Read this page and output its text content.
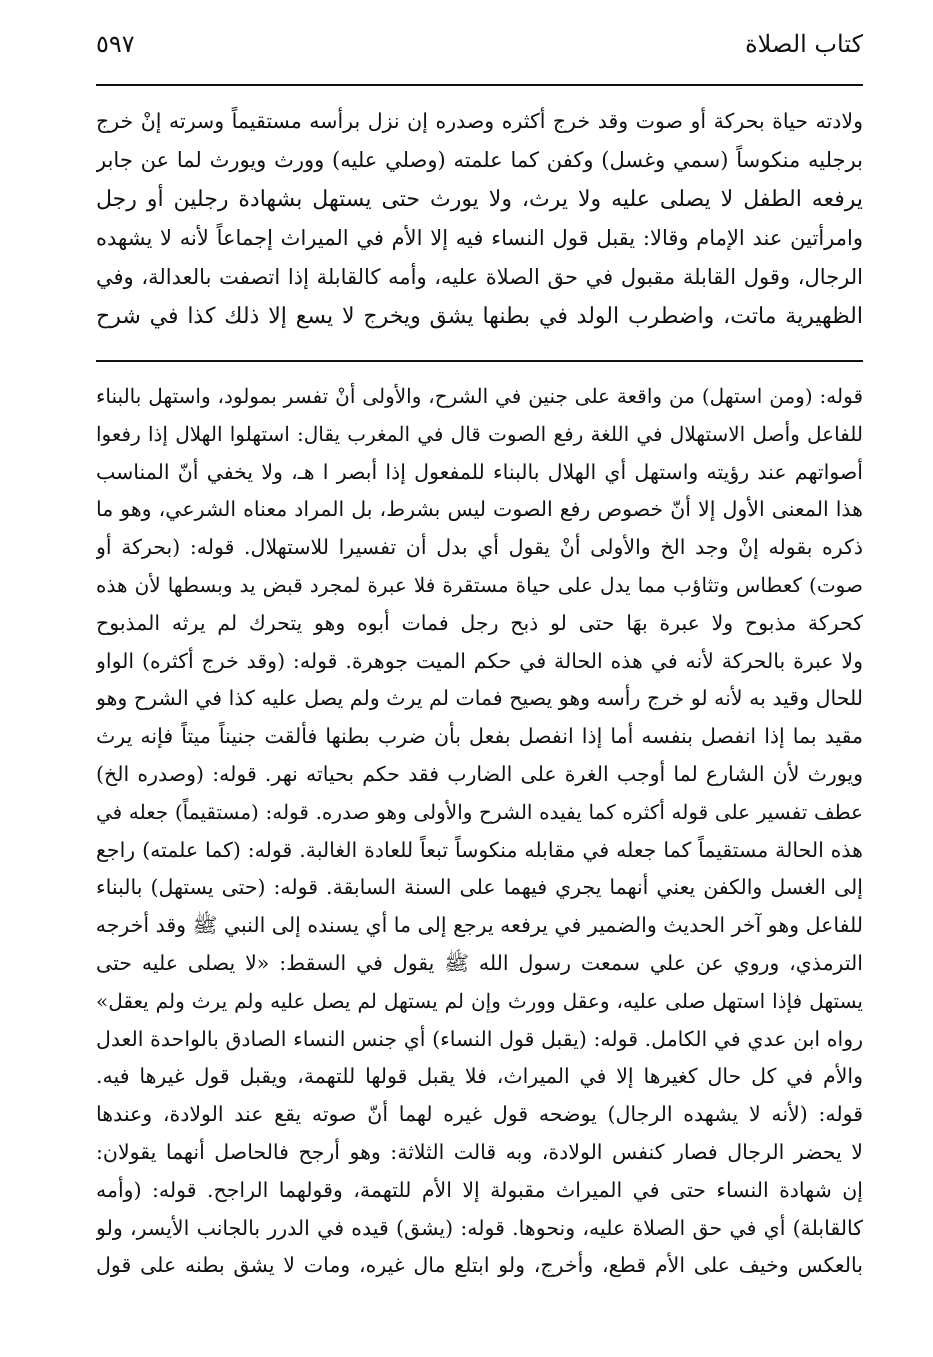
كتاب الصلاة
٥٩٧
ولادته حياة بحركة أو صوت وقد خرج أكثره وصدره إن نزل برأسه مستقيماً وسرته إنْ خرج
برجليه منكوساً (سمي وغسل) وكفن كما علمته (وصلي عليه) وورث ويورث لما عن جابر
يرفعه الطفل لا يصلى عليه ولا يرث، ولا يورث حتى يستهل بشهادة رجلين أو رجل
وامرأتين عند الإمام وقالا: يقبل قول النساء فيه إلا الأم في الميراث إجماعاً لأنه لا يشهده
الرجال، وقول القابلة مقبول في حق الصلاة عليه، وأمه كالقابلة إذا اتصفت بالعدالة، وفي
الظهيرية ماتت، واضطرب الولد في بطنها يشق ويخرج لا يسع إلا ذلك كذا في شرح
قوله: (ومن استهل) من واقعة على جنين في الشرح، والأولى أنْ تفسر بمولود، واستهل بالبناء
للفاعل وأصل الاستهلال في اللغة رفع الصوت قال في المغرب يقال: استهلوا الهلال إذا رفعوا
أصواتهم عند رؤيته واستهل أي الهلال بالبناء للمفعول إذا أبصر ا هـ، ولا يخفي أنّ المناسب
هذا المعنى الأول إلا أنّ خصوص رفع الصوت ليس بشرط، بل المراد معناه الشرعي، وهو ما
ذكره بقوله إنْ وجد الخ والأولى أنْ يقول أي بدل أن تفسيرا للاستهلال. قوله: (بحركة أو
صوت) كعطاس وتثاؤب مما يدل على حياة مستقرة فلا عبرة لمجرد قبض يد وبسطها لأن هذه
كحركة مذبوح ولا عبرة بهَا حتى لو ذبح رجل فمات أبوه وهو يتحرك لم يرثه المذبوح
ولا عبرة بالحركة لأنه في هذه الحالة في حكم الميت جوهرة. قوله: (وقد خرج أكثره) الواو
للحال وقيد به لأنه لو خرج رأسه وهو يصيح فمات لم يرث ولم يصل عليه كذا في الشرح وهو
مقيد بما إذا انفصل بنفسه أما إذا انفصل بفعل بأن ضرب بطنها فألقت جنيناً ميتاً فإنه يرث
ويورث لأن الشارع لما أوجب الغرة على الضارب فقد حكم بحياته نهر. قوله: (وصدره الخ)
عطف تفسير على قوله أكثره كما يفيده الشرح والأولى وهو صدره. قوله: (مستقيماً) جعله في
هذه الحالة مستقيماً كما جعله في مقابله منكوساً تبعاً للعادة الغالبة. قوله: (كما علمته) راجع
إلى الغسل والكفن يعني أنهما يجري فيهما على السنة السابقة. قوله: (حتى يستهل) بالبناء
للفاعل وهو آخر الحديث والضمير في يرفعه يرجع إلى ما أي يسنده إلى النبي ﷺ وقد أخرجه
الترمذي، وروي عن علي سمعت رسول الله ﷺ يقول في السقط: «لا يصلى عليه حتى
يستهل فإذا استهل صلى عليه، وعقل وورث وإن لم يستهل لم يصل عليه ولم يرث ولم يعقل»
رواه ابن عدي في الكامل. قوله: (يقبل قول النساء) أي جنس النساء الصادق بالواحدة العدل
والأم في كل حال كغيرها إلا في الميراث، فلا يقبل قولها للتهمة، ويقبل قول غيرها فيه.
قوله: (لأنه لا يشهده الرجال) يوضحه قول غيره لهما أنّ صوته يقع عند الولادة، وعندها
لا يحضر الرجال فصار كنفس الولادة، وبه قالت الثلاثة: وهو أرجح فالحاصل أنهما يقولان:
إن شهادة النساء حتى في الميراث مقبولة إلا الأم للتهمة، وقولهما الراجح. قوله: (وأمه
كالقابلة) أي في حق الصلاة عليه، ونحوها. قوله: (يشق) قيده في الدرر بالجانب الأيسر، ولو
بالعكس وخيف على الأم قطع، وأخرج، ولو ابتلع مال غيره، ومات لا يشق بطنه على قول
